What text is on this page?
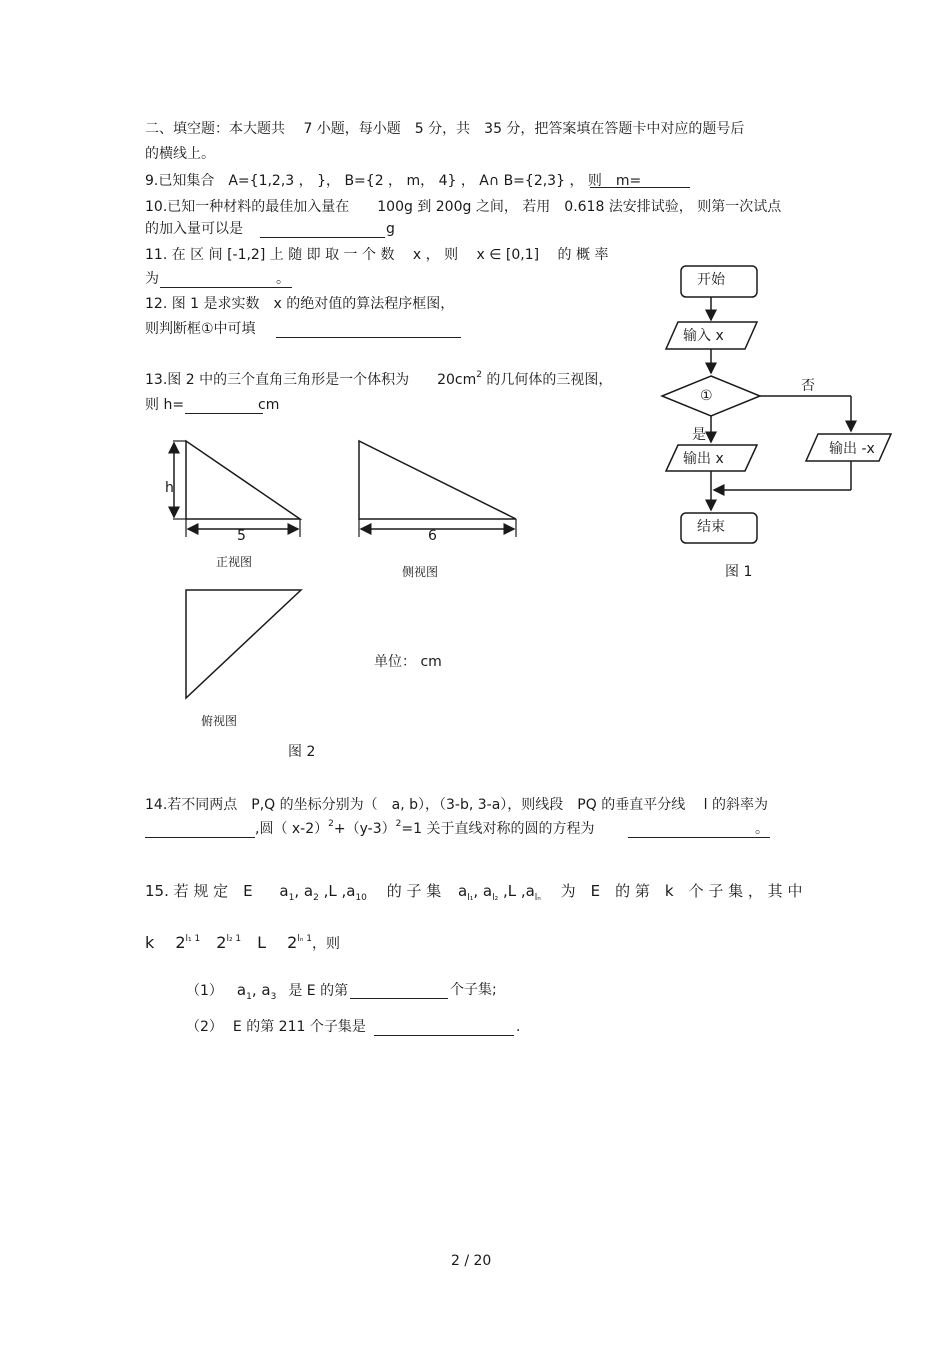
二、填空题：本大题共　 7 小题，每小题　5 分，共　35 分，把答案填在答题卡中对应的题号后
的横线上。
9.已知集合　A={1,2,3 ， }， B={2 ， m， 4} ， A∩ B={2,3} ， 则　m=
10.已知一种材料的最佳加入量在　　100g 到 200g 之间， 若用　0.618 法安排试验， 则第一次试点
的加入量可以是	g
11. 在 区 间 [-1,2] 上 随 即 取 一 个 数　 x ， 则　 x ∈ [0,1]　 的 概 率
为	。
12. 图 1 是求实数　x 的绝对值的算法程序框图，
则判断框①中可填
13.图 2 中的三个直角三角形是一个体积为　　$20cm^2$ 的几何体的三视图，
则 h=	cm
h
5
正视图
6
侧视图
俯视图
单位： cm
图 2
开始
输入 x
①
否
是
输出 x
输出 -x
结束
图 1
14.若不同两点　P,Q 的坐标分别为（　a, b），（3-b, 3-a），则线段　PQ 的垂直平分线　 l 的斜率为
,圆（ $x-2)^2+(y-3)^2=1$ 关于直线对称的圆的方程为	。
15. 若 规 定　E $a_1$, $a_2$ ,L $,a_{10}$ 　的 子 集 $a_{l_1}$, $a_{l_2}$ ,L $,a_{l_n}$ 　为　E　的 第　k　个 子 集 ， 其 中
k　 $2^{l_1 1}$　$2^{l_2 1}$　L　 $2^{l_n 1}$，则
（1） $a_1$, $a_3$ 是 E 的第	个子集;
（2） E 的第 211 个子集是	.
2 / 20
